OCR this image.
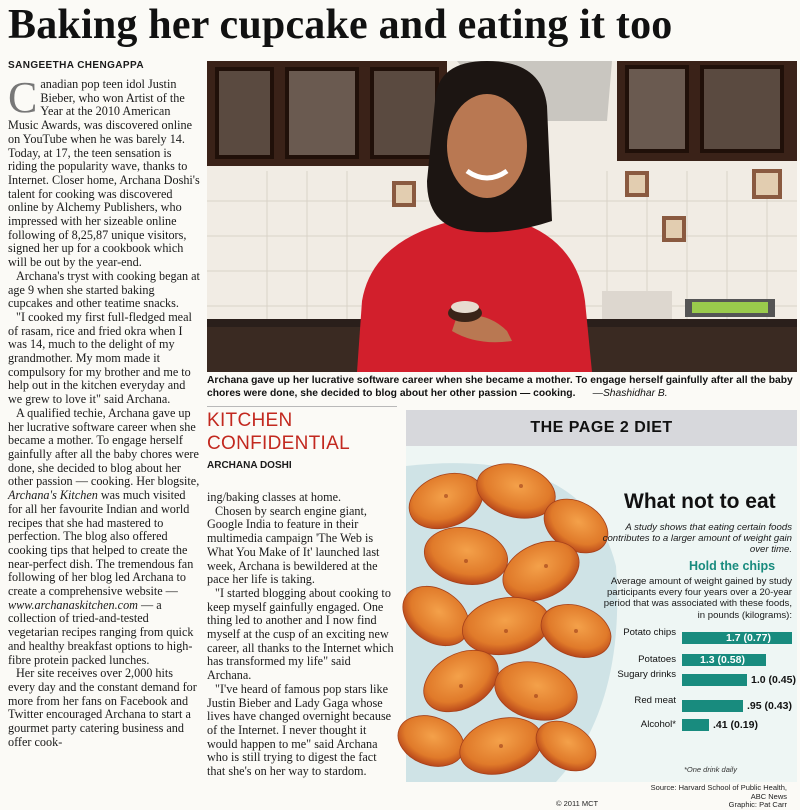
Baking her cupcake and eating it too
SANGEETHA CHENGAPPA

Canadian pop teen idol Justin Bieber, who won Artist of the Year at the 2010 American Music Awards, was discovered online on YouTube when he was barely 14. Today, at 17, the teen sensation is riding the popularity wave, thanks to Internet. Closer home, Archana Doshi's talent for cooking was discovered online by Alchemy Publishers, who impressed with her sizeable online following of 8,25,87 unique visitors, signed her up for a cookbook which will be out by the year-end.

Archana's tryst with cooking began at age 9 when she started baking cupcakes and other teatime snacks.

"I cooked my first full-fledged meal of rasam, rice and fried okra when I was 14, much to the delight of my grandmother. My mom made it compulsory for my brother and me to help out in the kitchen everyday and we grew to love it" said Archana.

A qualified techie, Archana gave up her lucrative software career when she became a mother. To engage herself gainfully after all the baby chores were done, she decided to blog about her other passion — cooking. Her blogsite, Archana's Kitchen was much visited for all her favourite Indian and world recipes that she had mastered to perfection. The blog also offered cooking tips that helped to create the near-perfect dish. The tremendous fan following of her blog led Archana to create a comprehensive website — www.archanaskitchen.com — a collection of tried-and-tested vegetarian recipes ranging from quick and healthy breakfast options to high-fibre protein packed lunches.

Her site receives over 2,000 hits every day and the constant demand for more from her fans on Facebook and Twitter encouraged Archana to start a gourmet party catering business and offer cook-

Archana gave up her lucrative software career when she became a mother. To engage herself gainfully after all the baby chores were done, she decided to blog about her other passion — cooking. —Shashidhar B.
KITCHEN
CONFIDENTIAL
ARCHANA DOSHI

ing/baking classes at home.

Chosen by search engine giant, Google India to feature in their multimedia campaign 'The Web is What You Make of It' launched last week, Archana is bewildered at the pace her life is taking.

"I started blogging about cooking to keep myself gainfully engaged. One thing led to another and I now find myself at the cusp of an exciting new career, all thanks to the Internet which has transformed my life" said Archana.

"I've heard of famous pop stars like Justin Bieber and Lady Gaga whose lives have changed overnight because of the Internet. I never thought it would happen to me" said Archana who is still trying to digest the fact that she's on her way to stardom.

THE PAGE 2 DIET
What not to eat
A study shows that eating certain foods contributes to a larger amount of weight gain over time.
Hold the chips
Average amount of weight gained by study participants every four years over a 20-year period that was associated with these foods, in pounds (kilograms):
Potato chips	1.7 (0.77)
Potatoes 1.3 (0.58)
Sugary drinks	1.0 (0.45)
Red meat	.95 (0.43)
Alcohol*	.41 (0.19)
*One drink daily
© 2011 MCT
Source: Harvard School of Public Health,
ABC News
Graphic: Pat Carr
